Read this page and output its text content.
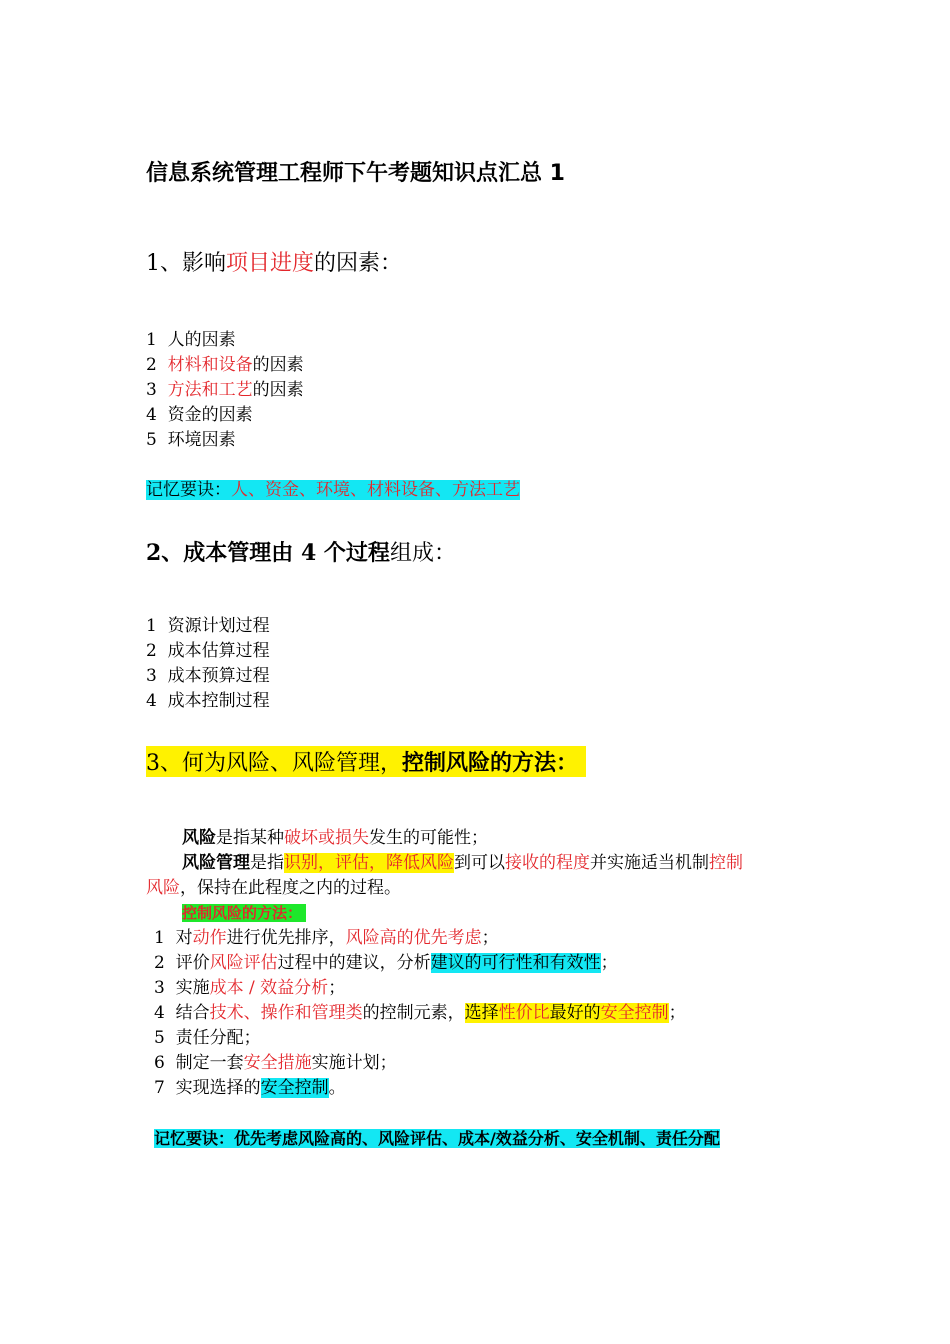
信息系统管理工程师下午考题知识点汇总 1
1、影响项目进度的因素：
1 人的因素
2 材料和设备的因素
3 方法和工艺的因素
4 资金的因素
5 环境因素
记忆要诀：人、资金、环境、材料设备、方法工艺
2、成本管理由 4 个过程组成：
1 资源计划过程
2 成本估算过程
3 成本预算过程
4 成本控制过程
3、何为风险、风险管理，控制风险的方法：
风险是指某种破坏或损失发生的可能性；
风险管理是指识别，评估，降低风险到可以接收的程度并实施适当机制控制
风险，保持在此程度之内的过程。
控制风险的方法：
1 对动作进行优先排序，风险高的优先考虑；
2 评价风险评估过程中的建议，分析建议的可行性和有效性；
3 实施成本 / 效益分析；
4 结合技术、操作和管理类的控制元素，选择性价比最好的安全控制；
5 责任分配；
6 制定一套安全措施实施计划；
7 实现选择的安全控制。
记忆要诀：优先考虑风险高的、风险评估、成本/效益分析、安全机制、责任分配
